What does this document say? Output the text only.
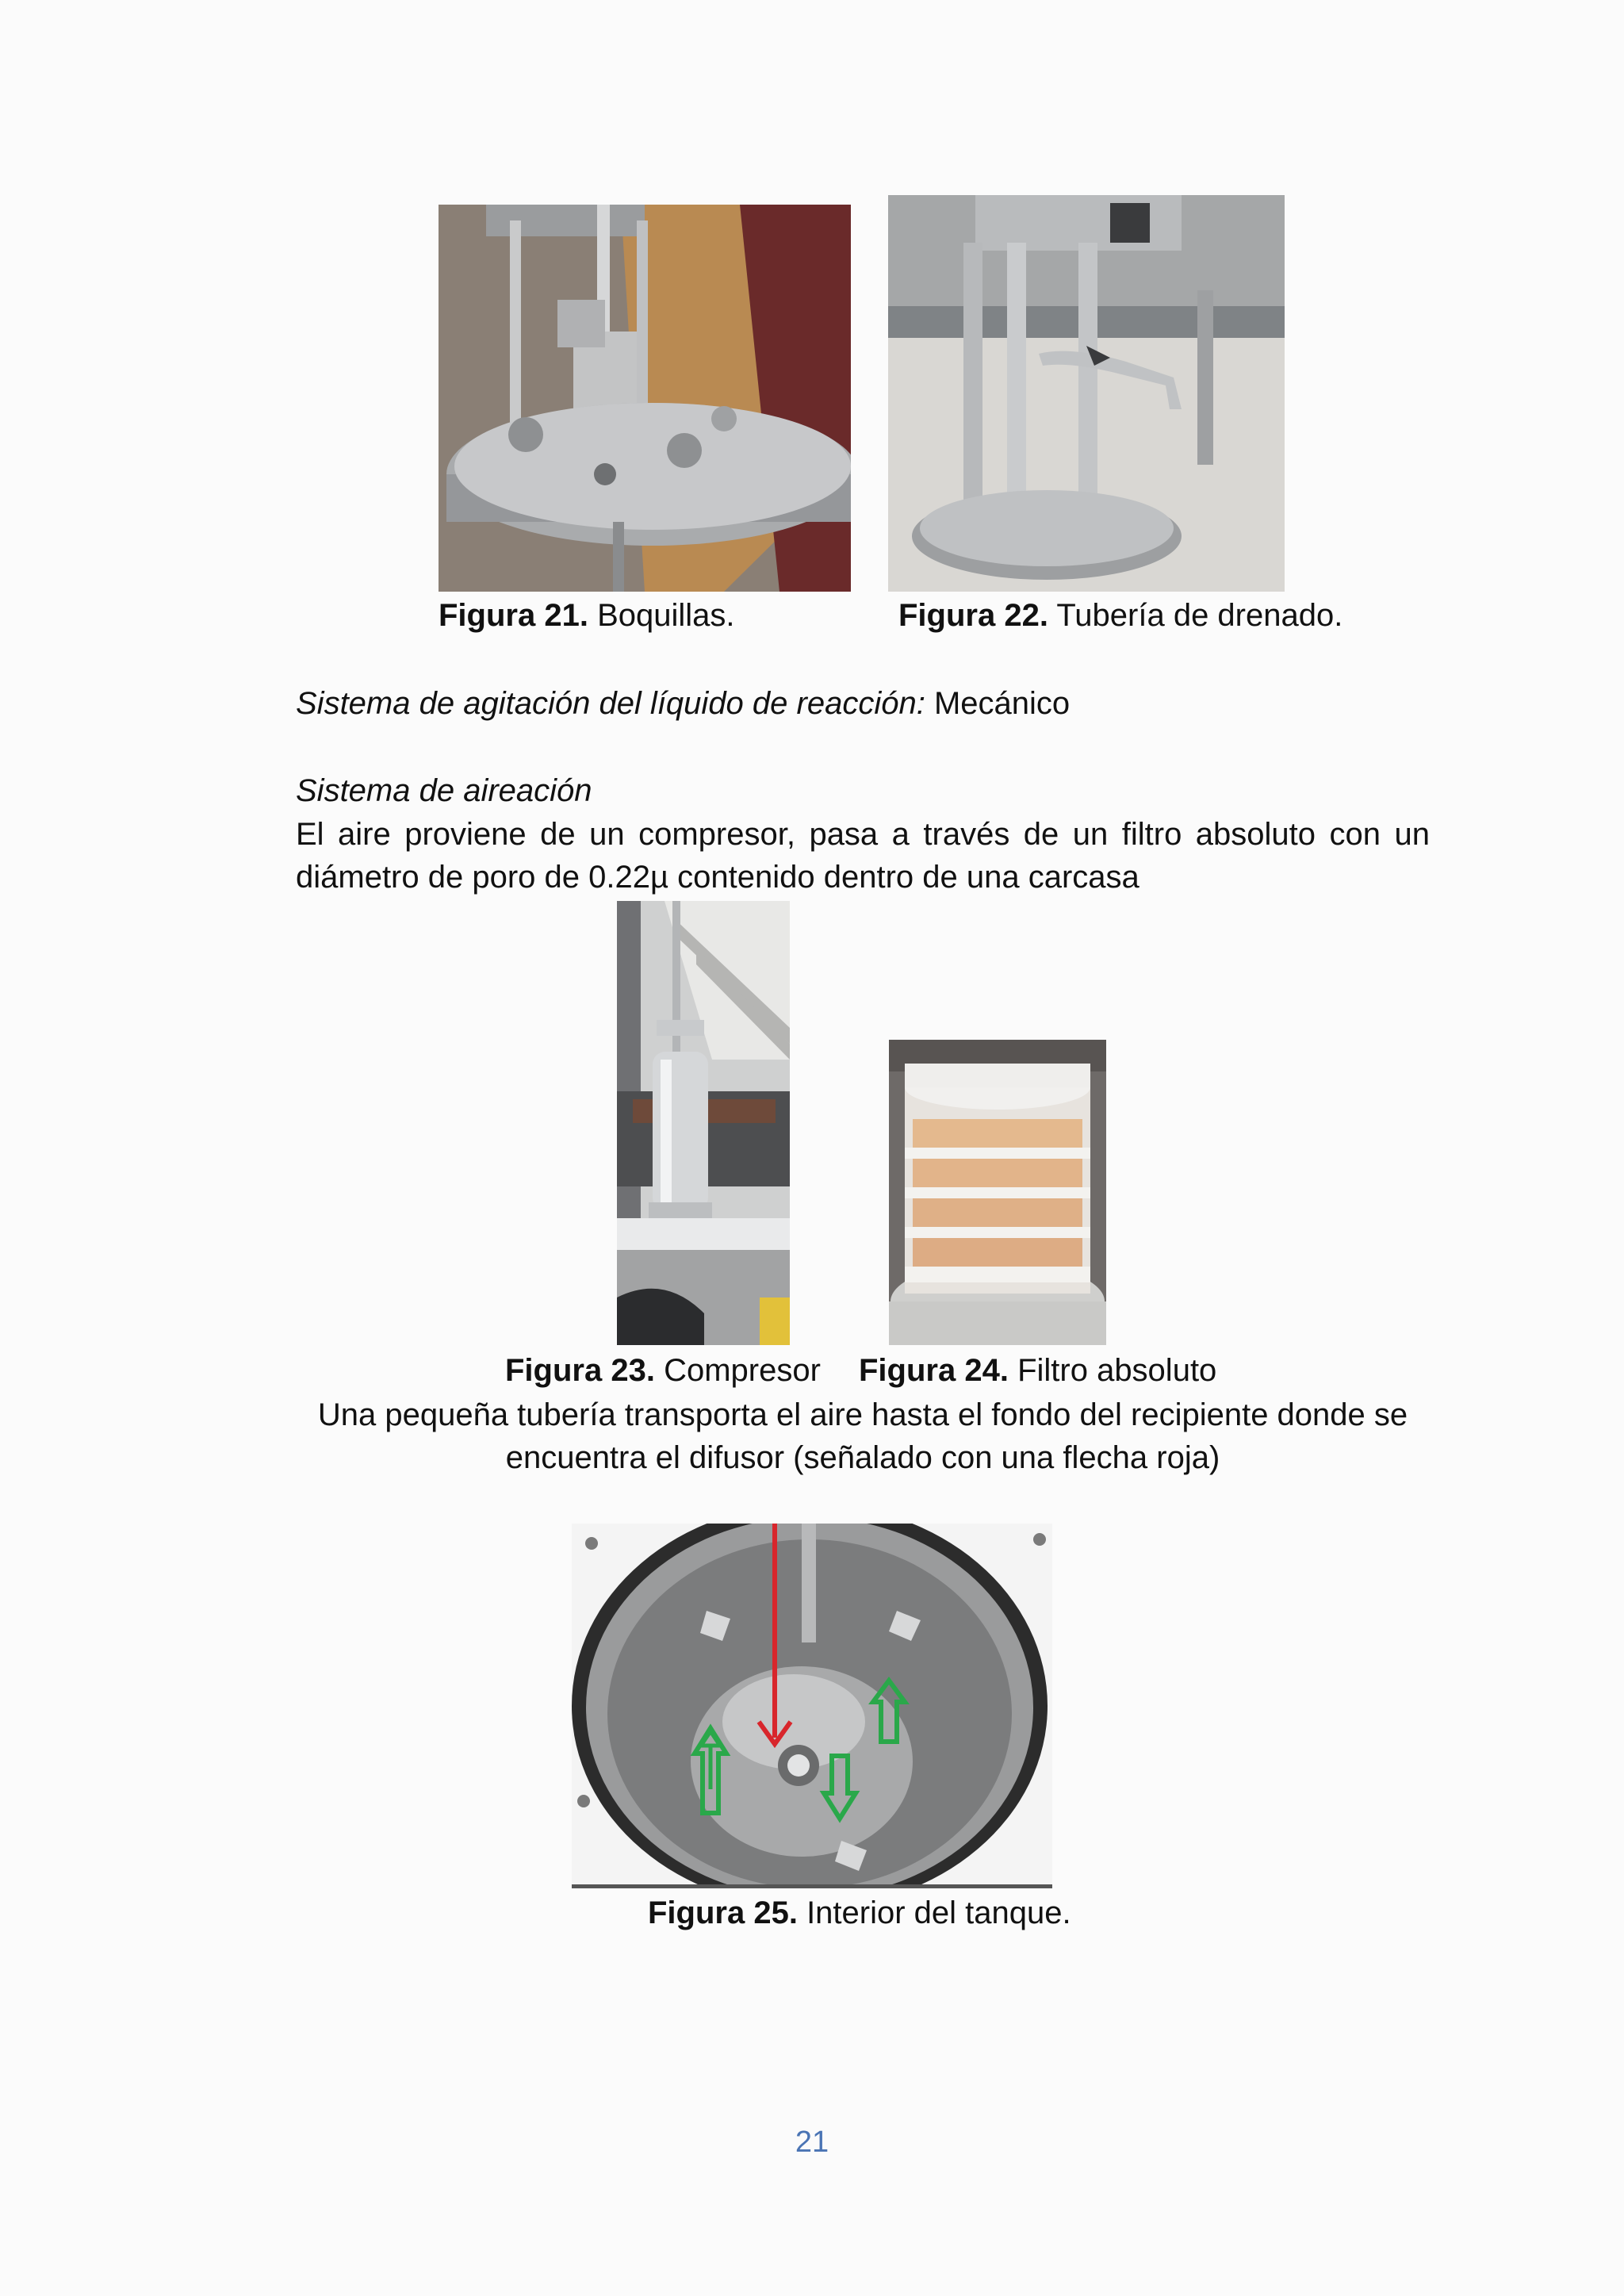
Figura 21. Boquillas.	Figura 22. Tubería de drenado.
Sistema de agitación del líquido de reacción: Mecánico
Sistema de aireación
El aire proviene de un compresor, pasa a través de un filtro absoluto con un diámetro de poro de 0.22µ contenido dentro de una carcasa
Figura 23. Compresor Figura 24. Filtro absoluto
Una pequeña tubería transporta el aire hasta el fondo del recipiente donde se encuentra el difusor (señalado con una flecha roja)
Figura 25. Interior del tanque.
21
